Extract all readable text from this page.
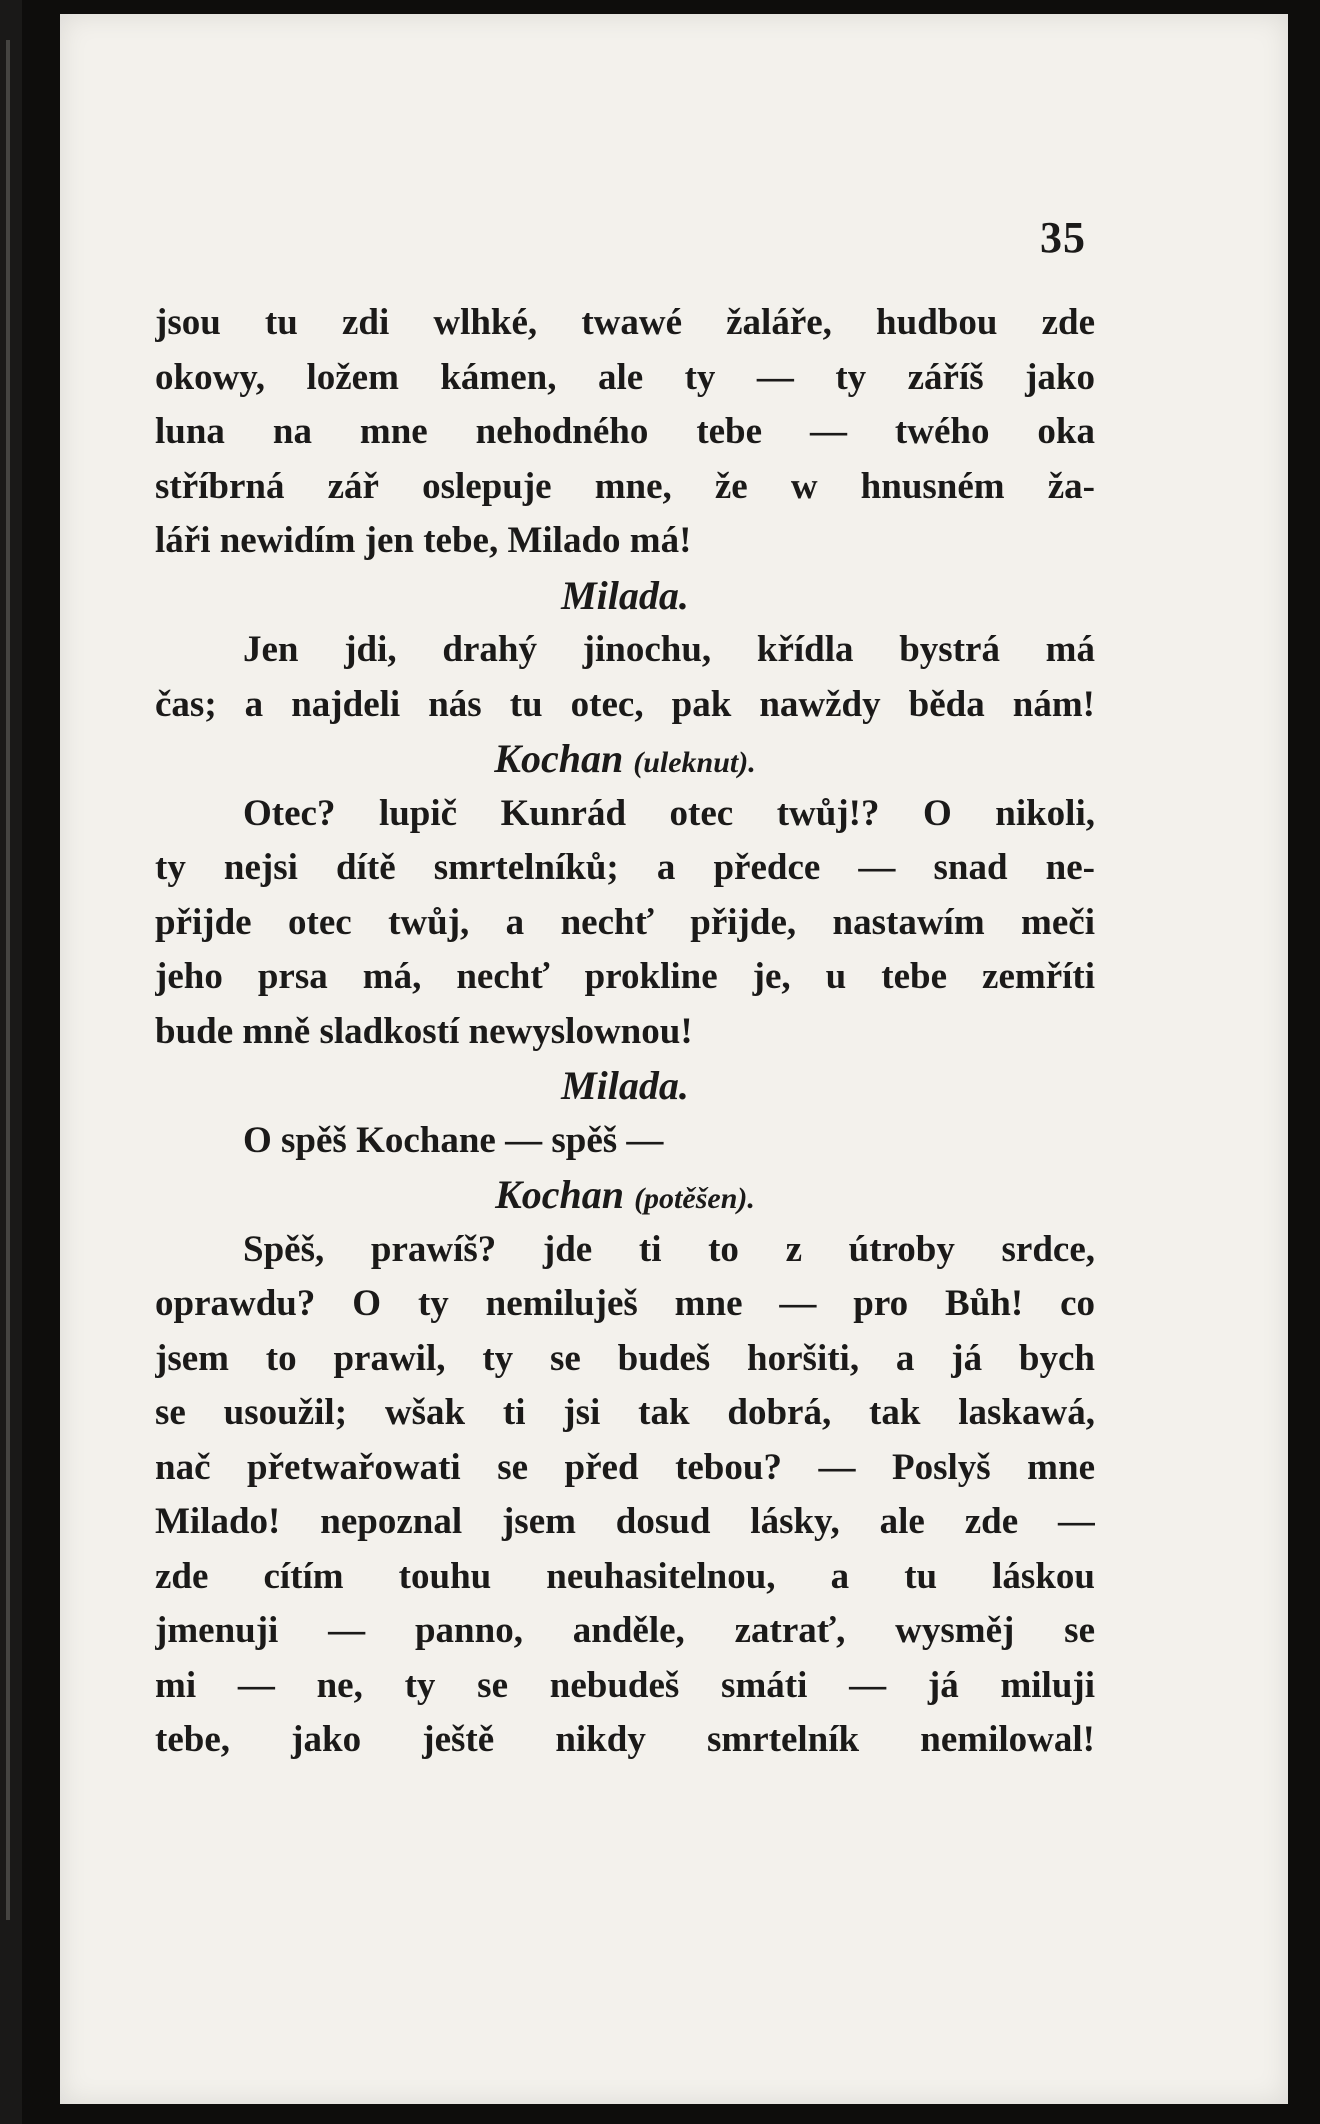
35
jsou tu zdi wlhké, twawé žaláře, hudbou zde
okowy, ložem kámen, ale ty — ty záříš jako
luna na mne nehodného tebe — twého oka
stříbrná zář oslepuje mne, že w hnusném ža-
láři newidím jen tebe, Milado má!
Milada.
Jen jdi, drahý jinochu, křídla bystrá má
čas; a najdeli nás tu otec, pak nawždy běda nám!
Kochan (uleknut).
Otec? lupič Kunrád otec twůj!? O nikoli,
ty nejsi dítě smrtelníků; a předce — snad ne-
přijde otec twůj, a nechť přijde, nastawím meči
jeho prsa má, nechť prokline je, u tebe zemříti
bude mně sladkostí newyslownou!
Milada.
O spěš Kochane — spěš —
Kochan (potěšen).
Spěš, prawíš? jde ti to z útroby srdce,
oprawdu? O ty nemiluješ mne — pro Bůh! co
jsem to prawil, ty se budeš horšiti, a já bych
se usoužil; wšak ti jsi tak dobrá, tak laskawá,
nač přetwařowati se před tebou? — Poslyš mne
Milado! nepoznal jsem dosud lásky, ale zde —
zde cítím touhu neuhasitelnou, a tu láskou
jmenuji — panno, anděle, zatrať, wysměj se
mi — ne, ty se nebudeš smáti — já miluji
tebe, jako ještě nikdy smrtelník nemilowal!
